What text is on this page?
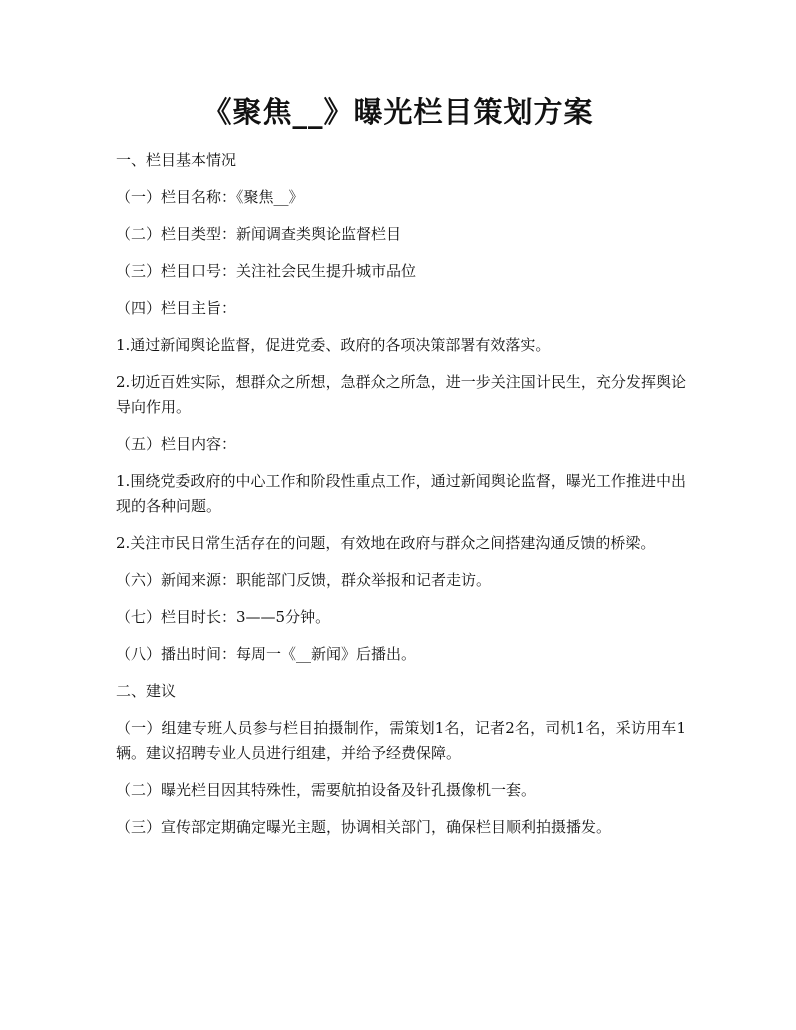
《聚焦__》曝光栏目策划方案

一、栏目基本情况

（一）栏目名称：《聚焦__》

（二）栏目类型：新闻调查类舆论监督栏目

（三）栏目口号：关注社会民生提升城市品位

（四）栏目主旨：

1.通过新闻舆论监督，促进党委、政府的各项决策部署有效落实。

2.切近百姓实际，想群众之所想，急群众之所急，进一步关注国计民生，充分发挥舆论导向作用。

（五）栏目内容：

1.围绕党委政府的中心工作和阶段性重点工作，通过新闻舆论监督，曝光工作推进中出现的各种问题。

2.关注市民日常生活存在的问题，有效地在政府与群众之间搭建沟通反馈的桥梁。

（六）新闻来源：职能部门反馈，群众举报和记者走访。

（七）栏目时长：3——5分钟。

（八）播出时间：每周一《__新闻》后播出。

二、建议

（一）组建专班人员参与栏目拍摄制作，需策划1名，记者2名，司机1名，采访用车1辆。建议招聘专业人员进行组建，并给予经费保障。

（二）曝光栏目因其特殊性，需要航拍设备及针孔摄像机一套。

（三）宣传部定期确定曝光主题，协调相关部门，确保栏目顺利拍摄播发。
